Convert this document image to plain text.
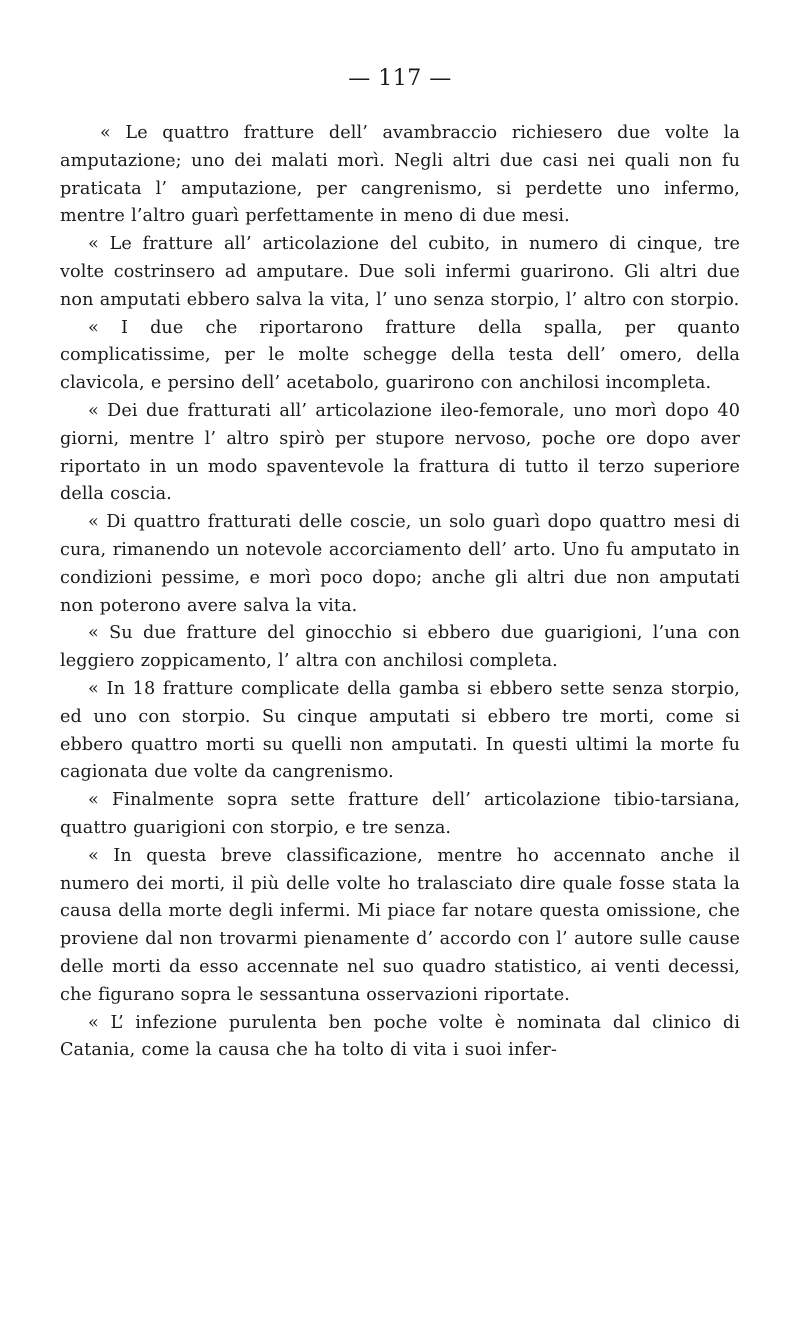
— 117 —

« Le quattro fratture dell’ avambraccio richiesero due volte la amputazione; uno dei malati morì. Negli altri due casi nei quali non fu praticata l’ amputazione, per cangrenismo, si perdette uno infermo, mentre l’altro guarì perfettamente in meno di due mesi.

« Le fratture all’ articolazione del cubito, in numero di cinque, tre volte costrinsero ad amputare. Due soli infermi guarirono. Gli altri due non amputati ebbero salva la vita, l’ uno senza storpio, l’ altro con storpio.

« I due che riportarono fratture della spalla, per quanto complicatissime, per le molte schegge della testa dell’ omero, della clavicola, e persino dell’ acetabolo, guarirono con anchilosi incompleta.

« Dei due fratturati all’ articolazione ileo-femorale, uno morì dopo 40 giorni, mentre l’ altro spirò per stupore nervoso, poche ore dopo aver riportato in un modo spaventevole la frattura di tutto il terzo superiore della coscia.

« Di quattro fratturati delle coscie, un solo guarì dopo quattro mesi di cura, rimanendo un notevole accorciamento dell’ arto. Uno fu amputato in condizioni pessime, e morì poco dopo; anche gli altri due non amputati non poterono avere salva la vita.

« Su due fratture del ginocchio si ebbero due guarigioni, l’una con leggiero zoppicamento, l’ altra con anchilosi completa.

« In 18 fratture complicate della gamba si ebbero sette senza storpio, ed uno con storpio. Su cinque amputati si ebbero tre morti, come si ebbero quattro morti su quelli non amputati. In questi ultimi la morte fu cagionata due volte da cangrenismo.

« Finalmente sopra sette fratture dell’ articolazione tibio-tarsiana, quattro guarigioni con storpio, e tre senza.

« In questa breve classificazione, mentre ho accennato anche il numero dei morti, il più delle volte ho tralasciato dire quale fosse stata la causa della morte degli infermi. Mi piace far notare questa omissione, che proviene dal non trovarmi pienamente d’ accordo con l’ autore sulle cause delle morti da esso accennate nel suo quadro statistico, ai venti decessi, che figurano sopra le sessantuna osservazioni riportate.

« L’ infezione purulenta ben poche volte è nominata dal clinico di Catania, come la causa che ha tolto di vita i suoi infer-
